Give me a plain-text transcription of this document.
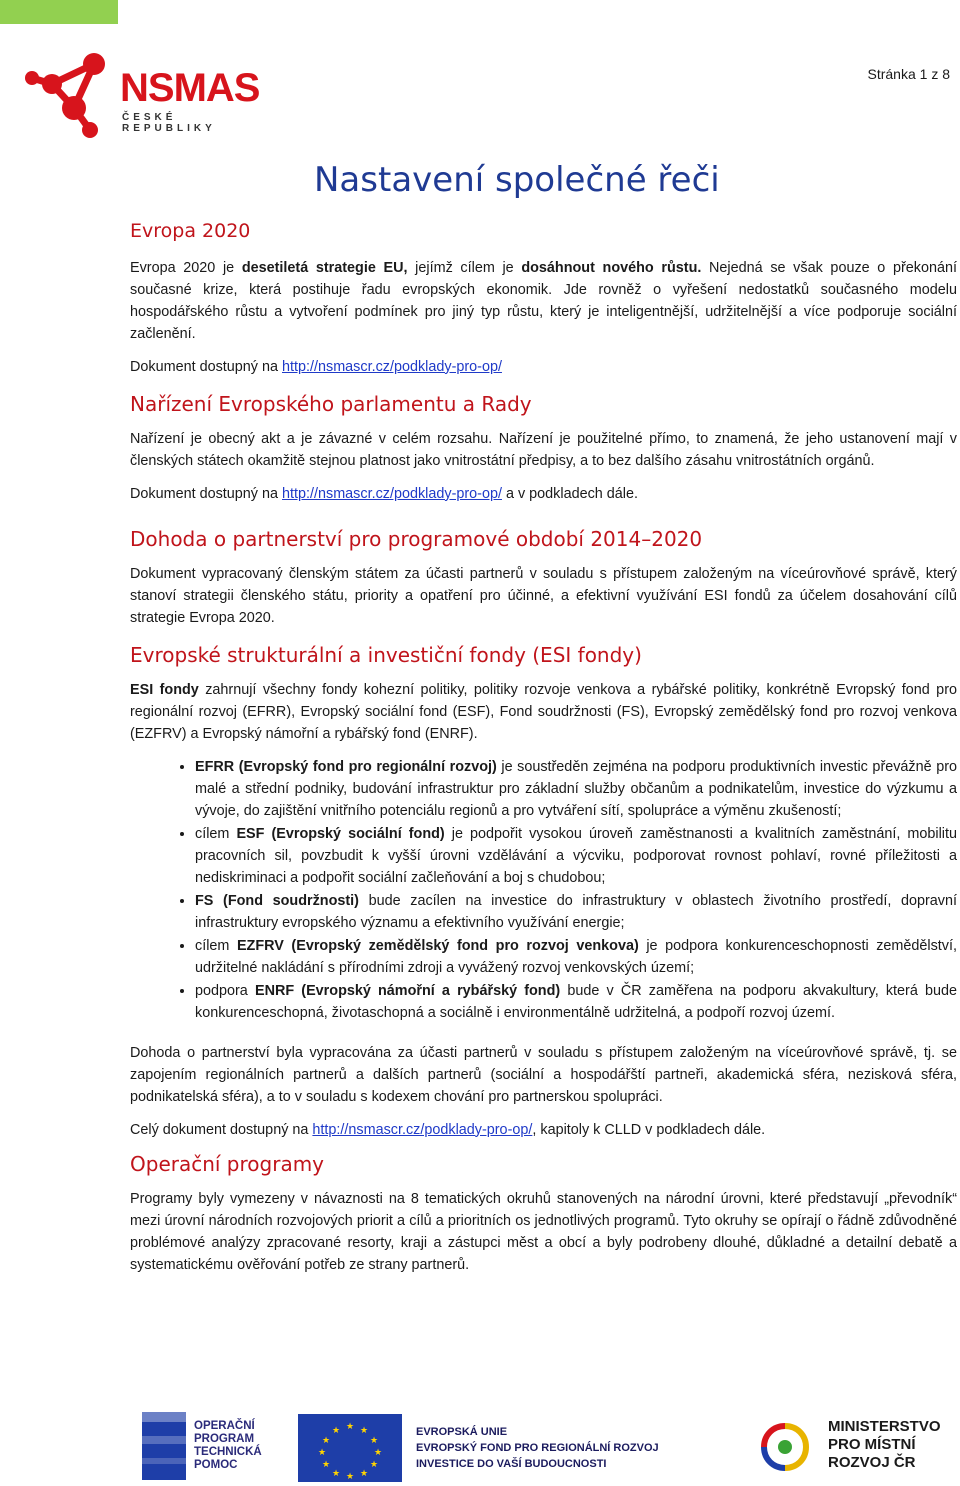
Stránka 1 z 8
NSMAS
ČESKÉ REPUBLIKY
Nastavení společné řeči
Evropa 2020

Evropa 2020 je desetiletá strategie EU, jejímž cílem je dosáhnout nového růstu. Nejedná se však pouze o překonání současné krize, která postihuje řadu evropských ekonomik. Jde rovněž o vyřešení nedostatků současného modelu hospodářského růstu a vytvoření podmínek pro jiný typ růstu, který je inteligentnější, udržitelnější a více podporuje sociální začlenění.

Dokument dostupný na http://nsmascr.cz/podklady-pro-op/

Nařízení Evropského parlamentu a Rady

Nařízení je obecný akt a je závazné v celém rozsahu. Nařízení je použitelné přímo, to znamená, že jeho ustanovení mají v členských státech okamžitě stejnou platnost jako vnitrostátní předpisy, a to bez dalšího zásahu vnitrostátních orgánů.

Dokument dostupný na http://nsmascr.cz/podklady-pro-op/ a v podkladech dále.

Dohoda o partnerství pro programové období 2014–2020

Dokument vypracovaný členským státem za účasti partnerů v souladu s přístupem založeným na víceúrovňové správě, který stanoví strategii členského státu, priority a opatření pro účinné, a efektivní využívání ESI fondů za účelem dosahování cílů strategie Evropa 2020.

Evropské strukturální a investiční fondy (ESI fondy)

ESI fondy zahrnují všechny fondy kohezní politiky, politiky rozvoje venkova a rybářské politiky, konkrétně Evropský fond pro regionální rozvoj (EFRR), Evropský sociální fond (ESF), Fond soudržnosti (FS), Evropský zemědělský fond pro rozvoj venkova (EZFRV) a Evropský námořní a rybářský fond (ENRF).

• EFRR (Evropský fond pro regionální rozvoj) je soustředěn zejména na podporu produktivních investic převážně pro malé a střední podniky, budování infrastruktur pro základní služby občanům a podnikatelům, investice do výzkumu a vývoje, do zajištění vnitřního potenciálu regionů a pro vytváření sítí, spolupráce a výměnu zkušeností;
• cílem ESF (Evropský sociální fond) je podpořit vysokou úroveň zaměstnanosti a kvalitních zaměstnání, mobilitu pracovních sil, povzbudit k vyšší úrovni vzdělávání a výcviku, podporovat rovnost pohlaví, rovné příležitosti a nediskriminaci a podpořit sociální začleňování a boj s chudobou;
• FS (Fond soudržnosti) bude zacílen na investice do infrastruktury v oblastech životního prostředí, dopravní infrastruktury evropského významu a efektivního využívání energie;
• cílem EZFRV (Evropský zemědělský fond pro rozvoj venkova) je podpora konkurenceschopnosti zemědělství, udržitelné nakládání s přírodními zdroji a vyvážený rozvoj venkovských území;
• podpora ENRF (Evropský námořní a rybářský fond) bude v ČR zaměřena na podporu akvakultury, která bude konkurenceschopná, životaschopná a sociálně i environmentálně udržitelná, a podpoří rozvoj území.

Dohoda o partnerství byla vypracována za účasti partnerů v souladu s přístupem založeným na víceúrovňové správě, tj. se zapojením regionálních partnerů a dalších partnerů (sociální a hospodářští partneři, akademická sféra, nezisková sféra, podnikatelská sféra), a to v souladu s kodexem chování pro partnerskou spolupráci.

Celý dokument dostupný na http://nsmascr.cz/podklady-pro-op/, kapitoly k CLLD v podkladech dále.

Operační programy

Programy byly vymezeny v návaznosti na 8 tematických okruhů stanovených na národní úrovni, které představují „převodník“ mezi úrovní národních rozvojových priorit a cílů a prioritních os jednotlivých programů. Tyto okruhy se opírají o řádně zdůvodněné problémové analýzy zpracované resorty, kraji a zástupci měst a obcí a byly podrobeny dlouhé, důkladné a detailní debatě a systematickému ověřování potřeb ze strany partnerů.

OPERAČNÍ
PROGRAM
TECHNICKÁ
POMOC
★ ★
★
★
★
★
★
★
★
★
★
★	EVROPSKÁ UNIE
EVROPSKÝ FOND PRO REGIONÁLNÍ ROZVOJ
INVESTICE DO VAŠÍ BUDOUCNOSTI
MINISTERSTVO
PRO MÍSTNÍ
ROZVOJ ČR
